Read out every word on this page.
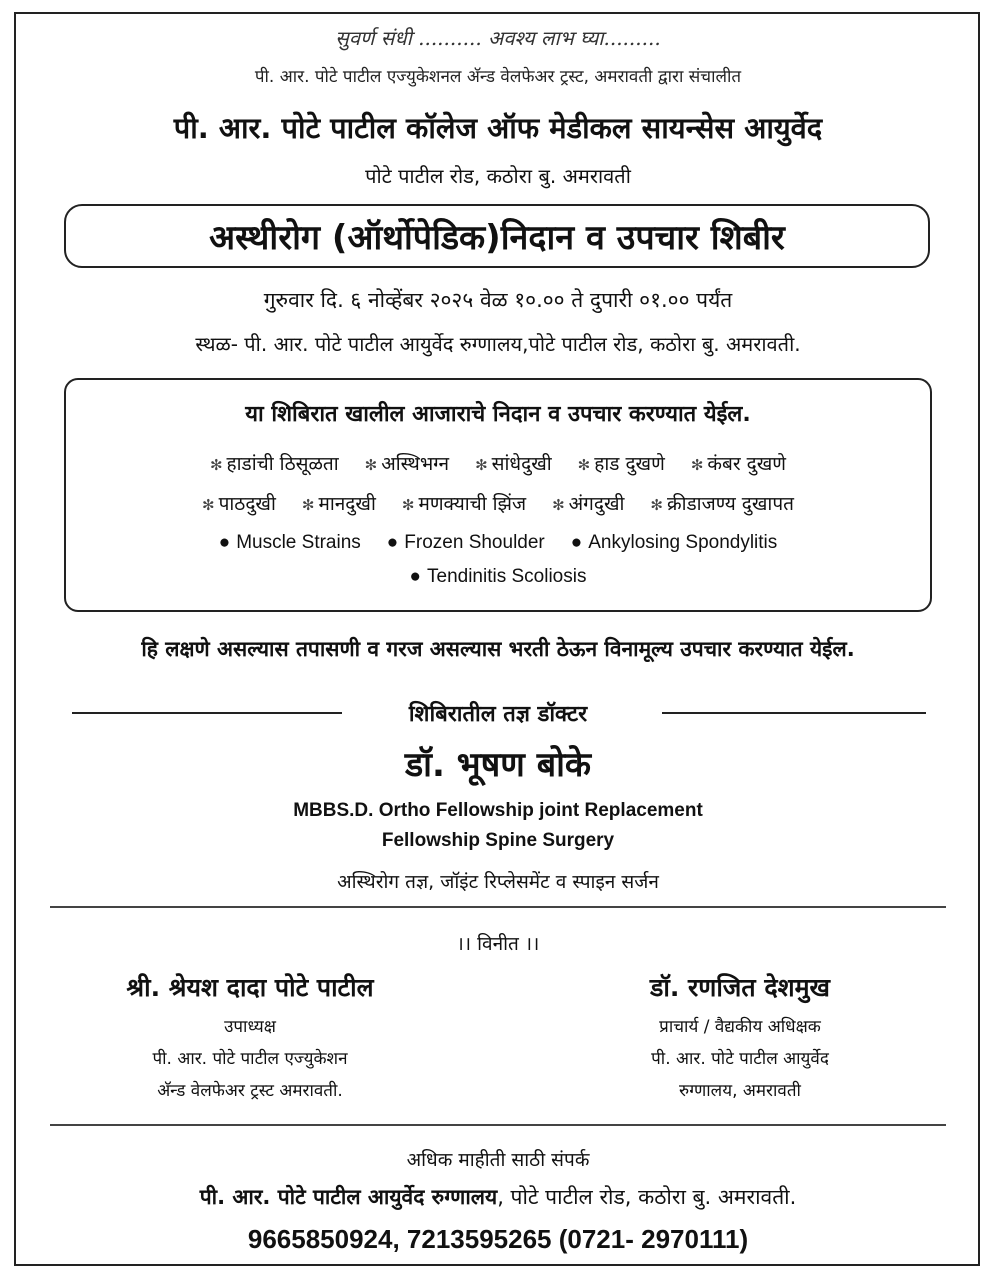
सुवर्ण संधी .......... अवश्य लाभ घ्या.........
पी. आर. पोटे पाटील एज्युकेशनल अ‍ॅन्ड वेलफेअर ट्रस्ट, अमरावती द्वारा संचालीत
पी. आर. पोटे पाटील कॉलेज ऑफ मेडीकल सायन्सेस आयुर्वेद
पोटे पाटील रोड, कठोरा बु. अमरावती
अस्थीरोग (ऑर्थोपेडिक)निदान व उपचार शिबीर
गुरुवार दि. ६ नोव्हेंबर २०२५ वेळ १०.०० ते दुपारी ०१.०० पर्यंत
स्थळ- पी. आर. पोटे पाटील आयुर्वेद रुग्णालय,पोटे पाटील रोड, कठोरा बु. अमरावती.
या शिबिरात खालील आजाराचे निदान व उपचार करण्यात येईल.
✻ हाडांची ठिसूळता ✻ अस्थिभग्न ✻ सांधेदुखी ✻ हाड दुखणे ✻ कंबर दुखणे
✻ पाठदुखी ✻ मानदुखी ✻ मणक्याची झिंज ✻ अंगदुखी ✻ क्रीडाजण्य दुखापत
● Muscle Strains ● Frozen Shoulder ● Ankylosing Spondylitis
● Tendinitis Scoliosis
हि लक्षणे असल्यास तपासणी व गरज असल्यास भरती ठेऊन विनामूल्य उपचार करण्यात येईल.
शिबिरातील तज्ञ डॉक्टर
डॉ. भूषण बोके
MBBS.D. Ortho Fellowship joint Replacement
Fellowship Spine Surgery
अस्थिरोग तज्ञ, जॉइंट रिप्लेसमेंट व स्पाइन सर्जन
।। विनीत ।।
श्री. श्रेयश दादा पोटे पाटील
उपाध्यक्ष
पी. आर. पोटे पाटील एज्युकेशन
अ‍ॅन्ड वेलफेअर ट्रस्ट अमरावती.
डॉ. रणजित देशमुख
प्राचार्य / वैद्यकीय अधिक्षक
पी. आर. पोटे पाटील आयुर्वेद
रुग्णालय, अमरावती
अधिक माहीती साठी संपर्क
पी. आर. पोटे पाटील आयुर्वेद रुग्णालय, पोटे पाटील रोड, कठोरा बु. अमरावती.
9665850924, 7213595265 (0721- 2970111)
